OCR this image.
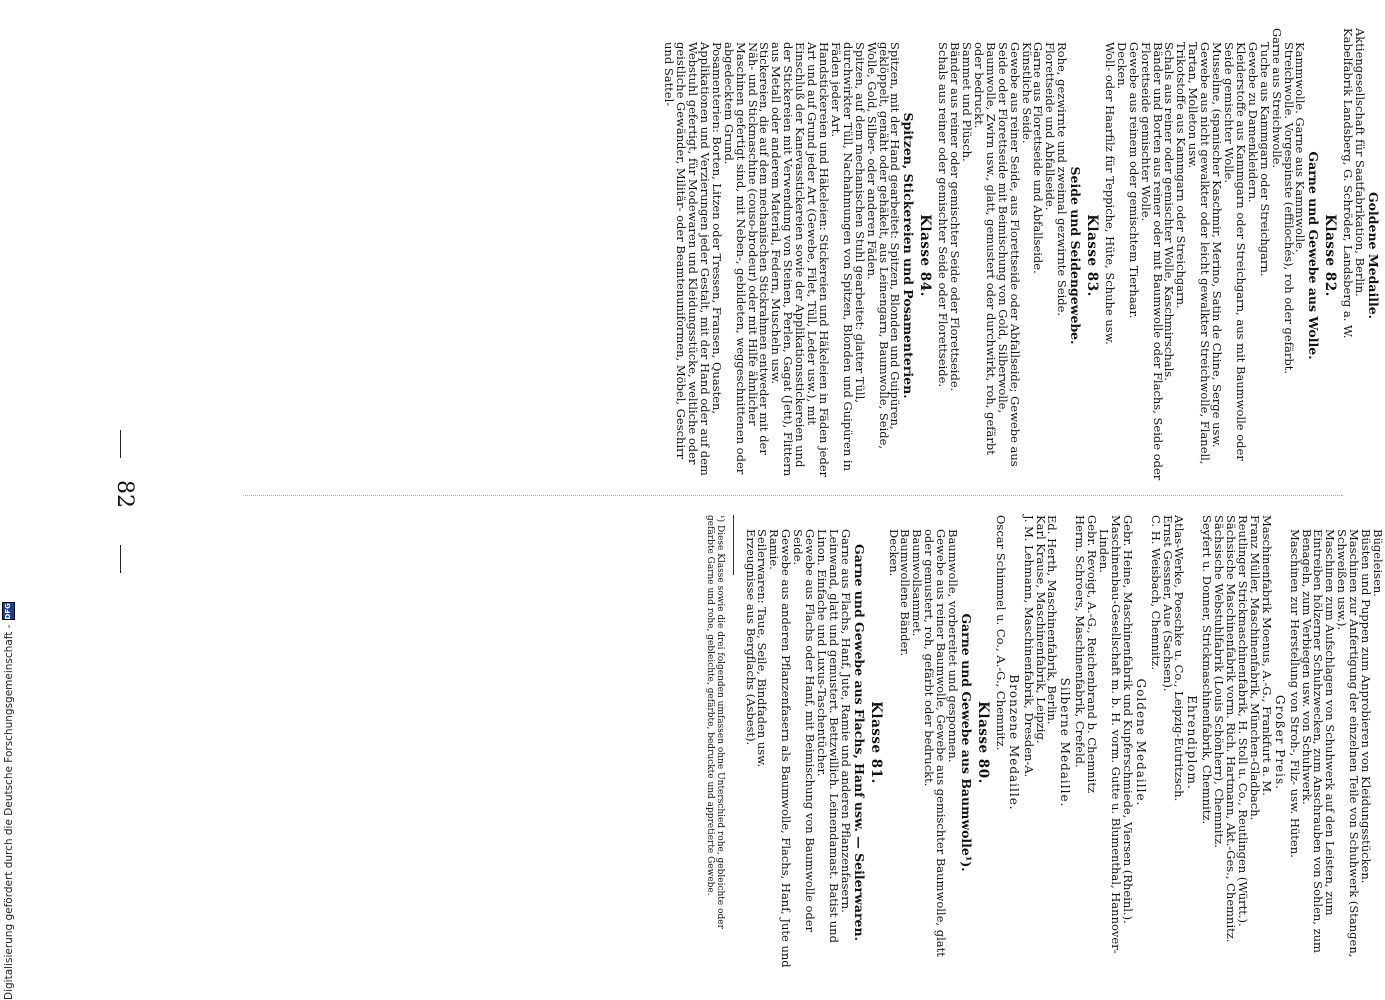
82

Goldene Medaille.

Aktiengesellschaft für Saatfabrikation, Berlin.

Kabelfabrik Landsberg, G. Schröder, Landsberg a. W.

Klasse 82.

Garne und Gewebe aus Wolle.

Kammwolle. Garne aus Kammwolle.

Streichwolle. Vorgespinste (effilochés), roh oder gefärbt.

Garne aus Streichwolle.

Tuche aus Kammgarn oder Streichgarn.

Gewebe zu Damenkleidern.

Kleiderstoffe aus Kammgarn oder Streichgarn, aus mit Baumwolle oder Seide gemischter Wolle.

Musseline, (spanischer Kaschmir, Merino, Satin de Chine, Serge usw.

Gewebe aus nicht gewalkter oder leicht gewalkter Streichwolle, Flanell, Tartan, Molleton usw.

Trikotstoffe aus Kammgarn oder Streichgarn.

Schals aus reiner oder gemischter Wolle, Kaschmirschals.

Bänder und Borten aus reiner oder mit Baumwolle oder Flachs, Seide oder Florettseide gemischter Wolle.

Gewebe aus reinem oder gemischtem Tierhaar.

Decken.

Woll- oder Haarfilz für Teppiche, Hüte, Schuhe usw.

Klasse 83.

Seide und Seidengewebe.

Rohe, gezwirnte und zweimal gezwirnte Seide.

Florettseide und Abfallseide.

Garne aus Florettseide und Abfallseide.

Künstliche Seide.

Gewebe aus reiner Seide, aus Florettseide oder Abfallseide; Gewebe aus Seide oder Florettseide mit Beimischung von Gold, Silberwolle, Baumwolle, Zwirn usw., glatt, gemustert oder durchwirkt, roh, gefärbt oder bedruckt.

Sammet und Plüsch.

Bänder aus reiner oder gemischter Seide oder Florettseide.

Schals aus reiner oder gemischter Seide oder Florettseide.

Klasse 84.

Spitzen, Stickereien und Posamenterien.

Spitzen, mit der Hand gearbeitet: Spitzen, Blonden und Guipüren, geklöppelt, genäht oder gehäkelt, aus Leinengarn, Baumwolle, Seide, Wolle, Gold, Silber- oder anderen Fäden.

Spitzen, auf dem mechanischen Stuhl gearbeitet: glatter Tüll, durchwirkter Tüll, Nachahmungen von Spitzen, Blonden und Guipüren in Fäden jeder Art.

Handstickereien und Häkeleien: Stickereien und Häkeleien in Fäden jeder Art und auf Grund jeder Art (Gewebe, Filet, Tüll, Leder usw.), mit Einschluß der Kanevasstickereien sowie der Applikationsstickereien und der Stickereien mit Verwendung von Steinen, Perlen, Gagat (Jett), Flittern aus Metall oder anderem Material, Federn, Muscheln usw.

Stickereien, die auf dem mechanischen Stickrahmen entweder mit der Näh- und Stickmaschine (couso-brodeur) oder mit Hilfe ähnlicher Maschinen gefertigt sind, mit Neben-, gebildeten, weggeschnittenen oder abgedecktem Grund.

Posamenterien: Borten, Litzen oder Tressen, Fransen, Quasten, Applikationen und Verzierungen jeder Gestalt, mit der Hand oder auf dem Webstuhl gefertigt, für Modewaren und Kleidungsstücke, weltliche oder geistliche Gewänder, Militär- oder Beamtenuniformen, Möbel, Geschirr und Sattel-

Bügeleisen.

Büsten und Puppen zum Anprobieren von Kleidungsstücken.

Maschinen zur Anfertigung der einzelnen Teile von Schuhwerk (Stangen, Schweißen usw.).

Maschinen zum Aufschlagen von Schuhwerk auf den Leisten, zum Eintreiben hölzerner Schuhzwecken, zum Anschrauben von Sohlen, zum Benageln, zum Verbiegen usw. von Schuhwerk.

Maschinen zur Herstellung von Stroh-, Filz- usw. Hüten.

Großer Preis.

Maschinenfabrik Moenus, A.-G., Frankfurt a. M.

Franz Müller, Maschinenfabrik, München-Gladbach.

Reutlinger Strickmaschinenfabrik, H. Stoll u. Co., Reutlingen (Württ.).

Sächsische Maschinenfabrik vorm. Rich. Hartmann, Akt.-Ges., Chemnitz.

Sächsische Webstuhlfabrik (Louis Schönherr), Chemnitz.

Seyfert u. Donner, Strickmaschinenfabrik, Chemnitz.

Ehrendiplom.

Atlas-Werke, Poeschke u. Co., Leipzig-Eutritzsch.

Ernst Gessner, Aue (Sachsen).

C. H. Weisbach, Chemnitz.

Goldene Medaille.

Gebr. Heine, Maschinenfabrik und Kupferschmiede, Viersen (Rheinl.).

Maschinenbau-Gesellschaft m. b. H. vorm. Gutte u. Blumenthal, Hannover-Linden.

Gebr. Revoigt, A.-G., Reichenbrand b. Chemnitz

Herm. Schroers, Maschinenfabrik, Crefeld.

Silberne Medaille.

Ed. Herth, Maschinenfabrik, Berlin.

Karl Krause, Maschinenfabrik, Leipzig.

J. M. Lehmann, Maschinenfabrik, Dresden-A.

Bronzene Medaille.

Oscar Schimmel u. Co., A.-G., Chemnitz.

Klasse 80.

Garne und Gewebe aus Baumwolle¹).

Baumwolle, vorbereitet und gesponnen.

Gewebe aus reiner Baumwolle, Gewebe aus gemischter Baumwolle, glatt oder gemustert, roh, gefärbt oder bedruckt.

Baumwollsammet.

Baumwollene Bänder.

Decken.

Klasse 81.

Garne und Gewebe aus Flachs, Hanf usw. — Seilerwaren.

Garne aus Flachs, Hanf, Jute, Ramie und anderen Pflanzenfasern.

Leinwand, glatt und gemustert. Bettzwillich. Leinendamast. Batist und Linon. Einfache und Luxus-Taschentücher.

Gewebe aus Flachs oder Hanf, mit Beimischung von Baumwolle oder Seide.

Gewebe aus anderen Pflanzenfasern als Baumwolle, Flachs, Hanf, Jute und Ramie.

Seilerwaren: Taue, Seile, Bindfaden usw.

Erzeugnisse aus Bergflachs (Asbest).

¹) Diese Klasse sowie die drei folgenden umfassen ohne Unterschied rohe, gebleichte oder gefärbte Garne und rohe, gebleichte, gefärbte, bedruckte und appretierte Gewebe.

Digitalisierung gefördert durch die Deutsche Forschungsgemeinschaft -
DFG
